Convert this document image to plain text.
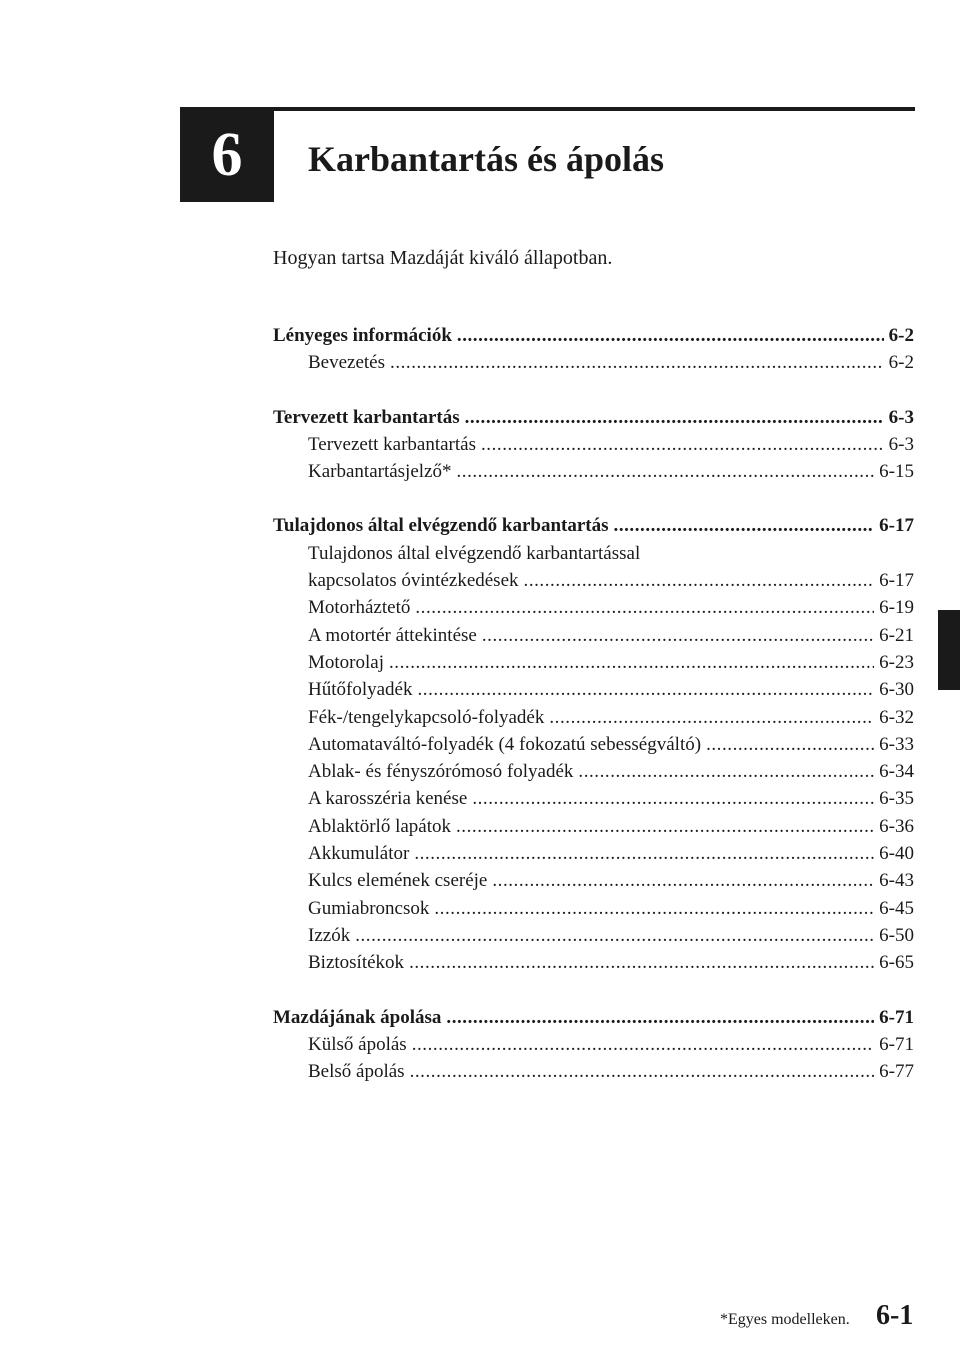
6 Karbantartás és ápolás
Hogyan tartsa Mazdáját kiváló állapotban.
Lényeges információk . . .	6-2
Bevezetés . . .	6-2
Tervezett karbantartás . . .	6-3
Tervezett karbantartás . . .	6-3
Karbantartásjelző* . . .	6-15
Tulajdonos által elvégzendő karbantartás . . .	6-17
Tulajdonos által elvégzendő karbantartással
kapcsolatos óvintézkedések . . .	6-17
Motorháztető . . .	6-19
A motortér áttekintése . . .	6-21
Motorolaj . . .	6-23
Hűtőfolyadék . . .	6-30
Fék-/tengelykapcsoló-folyadék . . .	6-32
Automataváltó-folyadék (4 fokozatú sebességváltó) . . .	6-33
Ablak- és fényszórómosó folyadék . . .	6-34
A karosszéria kenése . . .	6-35
Ablaktörlő lapátok . . .	6-36
Akkumulátor . . .	6-40
Kulcs elemének cseréje . . .	6-43
Gumiabroncsok . . .	6-45
Izzók . . .	6-50
Biztosítékok . . .	6-65
Mazdájának ápolása . . .	6-71
Külső ápolás . . .	6-71
Belső ápolás . . .	6-77
*Egyes modelleken. 6-1
